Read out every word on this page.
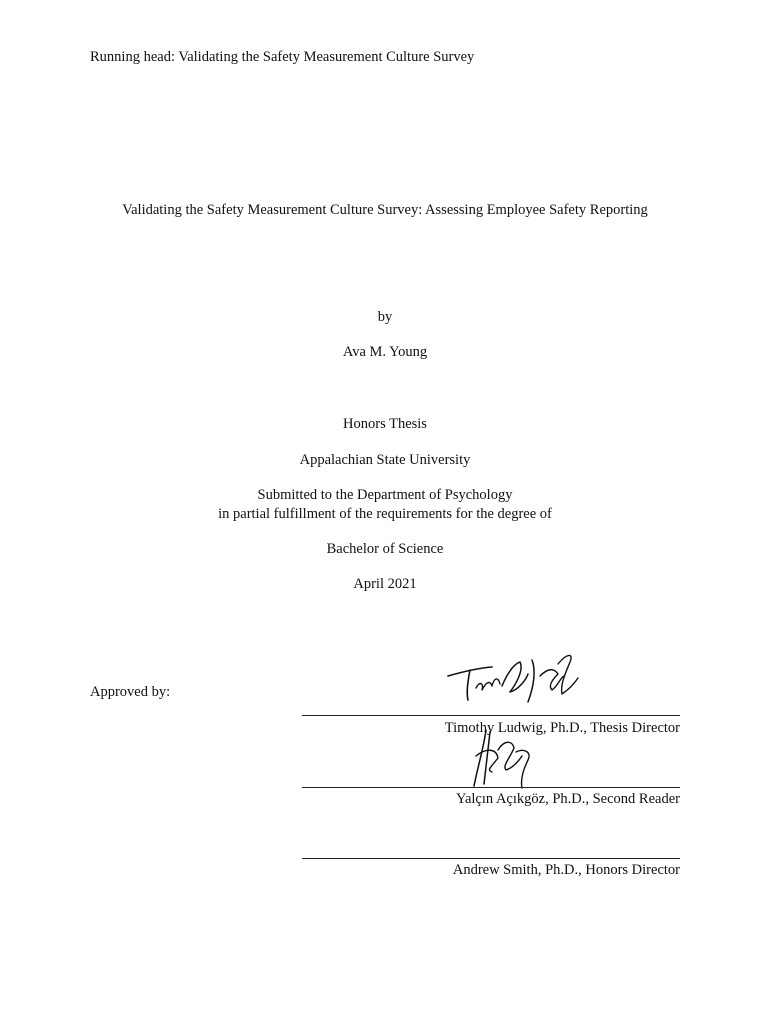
Running head: Validating the Safety Measurement Culture Survey
Validating the Safety Measurement Culture Survey: Assessing Employee Safety Reporting
by
Ava M. Young
Honors Thesis
Appalachian State University
Submitted to the Department of Psychology
in partial fulfillment of the requirements for the degree of
Bachelor of Science
April 2021
Approved by:
Timothy Ludwig, Ph.D., Thesis Director
Yalçın Açıkgöz, Ph.D., Second Reader
Andrew Smith, Ph.D., Honors Director
